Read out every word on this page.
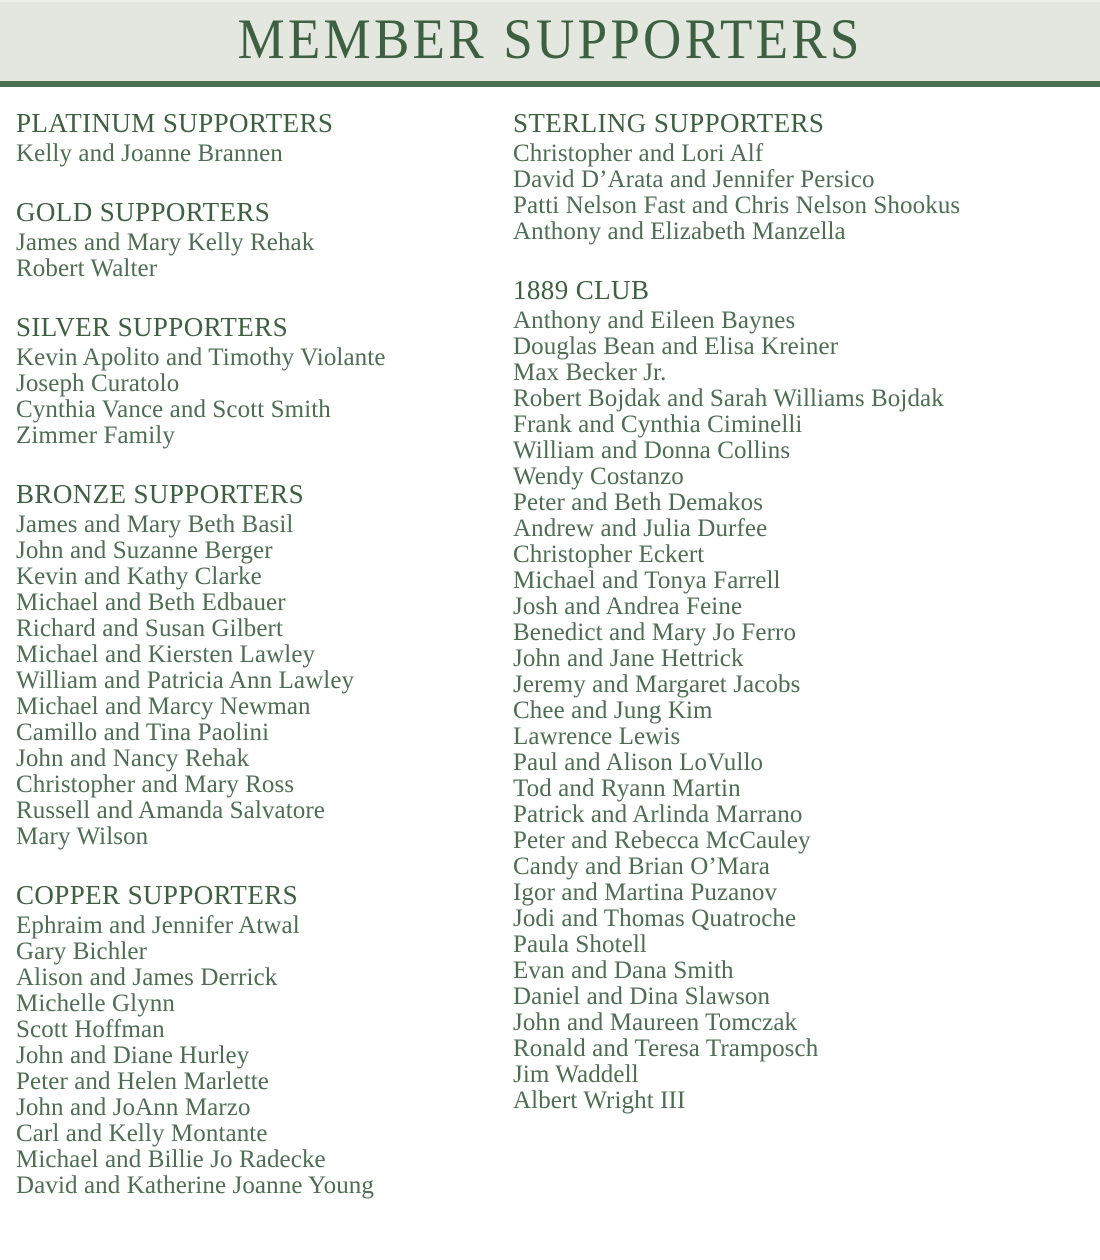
MEMBER SUPPORTERS
PLATINUM SUPPORTERS
Kelly and Joanne Brannen
GOLD SUPPORTERS
James and Mary Kelly Rehak
Robert Walter
SILVER SUPPORTERS
Kevin Apolito and Timothy Violante
Joseph Curatolo
Cynthia Vance and Scott Smith
Zimmer Family
BRONZE SUPPORTERS
James and Mary Beth Basil
John and Suzanne Berger
Kevin and Kathy Clarke
Michael and Beth Edbauer
Richard and Susan Gilbert
Michael and Kiersten Lawley
William and Patricia Ann Lawley
Michael and Marcy Newman
Camillo and Tina Paolini
John and Nancy Rehak
Christopher and Mary Ross
Russell and Amanda Salvatore
Mary Wilson
COPPER SUPPORTERS
Ephraim and Jennifer Atwal
Gary Bichler
Alison and James Derrick
Michelle Glynn
Scott Hoffman
John and Diane Hurley
Peter and Helen Marlette
John and JoAnn Marzo
Carl and Kelly Montante
Michael and Billie Jo Radecke
David and Katherine Joanne Young
STERLING SUPPORTERS
Christopher and Lori Alf
David D’Arata and Jennifer Persico
Patti Nelson Fast and Chris Nelson Shookus
Anthony and Elizabeth Manzella
1889 CLUB
Anthony and Eileen Baynes
Douglas Bean and Elisa Kreiner
Max Becker Jr.
Robert Bojdak and Sarah Williams Bojdak
Frank and Cynthia Ciminelli
William and Donna Collins
Wendy Costanzo
Peter and Beth Demakos
Andrew and Julia Durfee
Christopher Eckert
Michael and Tonya Farrell
Josh and Andrea Feine
Benedict and Mary Jo Ferro
John and Jane Hettrick
Jeremy and Margaret Jacobs
Chee and Jung Kim
Lawrence Lewis
Paul and Alison LoVullo
Tod and Ryann Martin
Patrick and Arlinda Marrano
Peter and Rebecca McCauley
Candy and Brian O’Mara
Igor and Martina Puzanov
Jodi and Thomas Quatroche
Paula Shotell
Evan and Dana Smith
Daniel and Dina Slawson
John and Maureen Tomczak
Ronald and Teresa Tramposch
Jim Waddell
Albert Wright III
